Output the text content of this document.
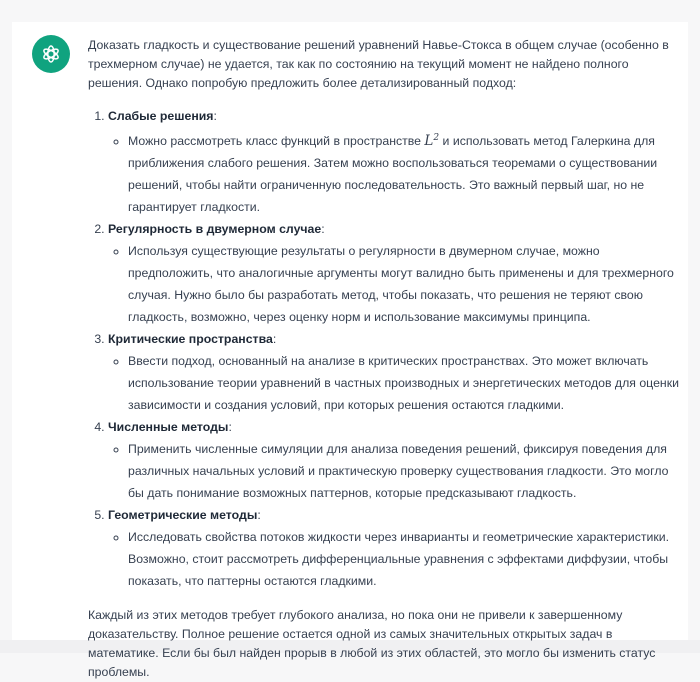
Доказать гладкость и существование решений уравнений Навье-Стокса в общем случае (особенно в трехмерном случае) не удается, так как по состоянию на текущий момент не найдено полного решения. Однако попробую предложить более детализированный подход:

1. Слабые решения:
◦ Можно рассмотреть класс функций в пространстве $L^2$ и использовать метод Галеркина для приближения слабого решения. Затем можно воспользоваться теоремами о существовании решений, чтобы найти ограниченную последовательность. Это важный первый шаг, но не гарантирует гладкости.
2. Регулярность в двумерном случае:
◦ Используя существующие результаты о регулярности в двумерном случае, можно предположить, что аналогичные аргументы могут валидно быть применены и для трехмерного случая. Нужно было бы разработать метод, чтобы показать, что решения не теряют свою гладкость, возможно, через оценку норм и использование максимумы принципа.
3. Критические пространства:
◦ Ввести подход, основанный на анализе в критических пространствах. Это может включать использование теории уравнений в частных производных и энергетических методов для оценки зависимости и создания условий, при которых решения остаются гладкими.
4. Численные методы:
◦ Применить численные симуляции для анализа поведения решений, фиксируя поведения для различных начальных условий и практическую проверку существования гладкости. Это могло бы дать понимание возможных паттернов, которые предсказывают гладкость.
5. Геометрические методы:
◦ Исследовать свойства потоков жидкости через инварианты и геометрические характеристики. Возможно, стоит рассмотреть дифференциальные уравнения с эффектами диффузии, чтобы показать, что паттерны остаются гладкими.

Каждый из этих методов требует глубокого анализа, но пока они не привели к завершенному доказательству. Полное решение остается одной из самых значительных открытых задач в математике. Если бы был найден прорыв в любой из этих областей, это могло бы изменить статус проблемы.
